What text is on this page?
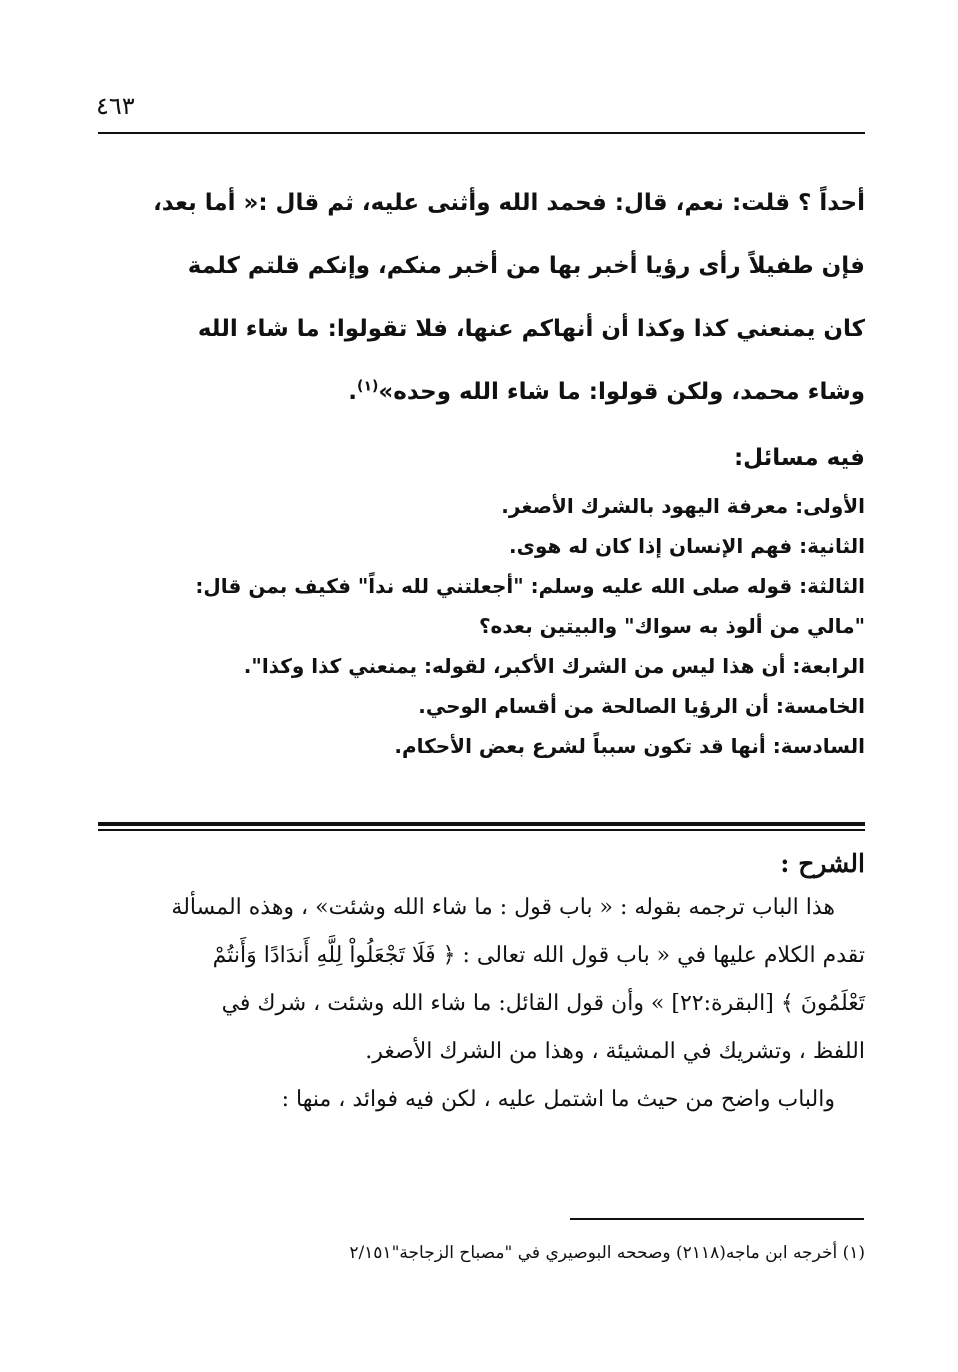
٤٦٣

أحداً ؟ قلت: نعم، قال: فحمد الله وأثنى عليه، ثم قال :« أما بعد،

فإن طفيلاً رأى رؤيا أخبر بها من أخبر منكم، وإنكم قلتم كلمة

كان يمنعني كذا وكذا أن أنهاكم عنها، فلا تقولوا: ما شاء الله

وشاء محمد، ولكن قولوا: ما شاء الله وحده»$^{(١)}$.

فيه مسائل:
الأولى: معرفة اليهود بالشرك الأصغر.
الثانية: فهم الإنسان إذا كان له هوى.
الثالثة: قوله صلى الله عليه وسلم: "أجعلتني لله نداً" فكيف بمن قال:
"مالي من ألوذ به سواك" والبيتين بعده؟
الرابعة: أن هذا ليس من الشرك الأكبر، لقوله: يمنعني كذا وكذا".
الخامسة: أن الرؤيا الصالحة من أقسام الوحي.
السادسة: أنها قد تكون سبباً لشرع بعض الأحكام.
الشرح :

هذا الباب ترجمه بقوله : « باب قول : ما شاء الله وشئت» ، وهذه المسألة

تقدم الكلام عليها في « باب قول الله تعالى : ﴿ فَلَا تَجْعَلُواْ لِلَّهِ أَندَادًا وَأَنتُمْ

تَعْلَمُونَ ﴾ [البقرة:٢٢] » وأن قول القائل: ما شاء الله وشئت ، شرك في

اللفظ ، وتشريك في المشيئة ، وهذا من الشرك الأصغر.

والباب واضح من حيث ما اشتمل عليه ، لكن فيه فوائد ، منها :

(١) أخرجه ابن ماجه(٢١١٨) وصححه البوصيري في "مصباح الزجاجة"٢/١٥١
